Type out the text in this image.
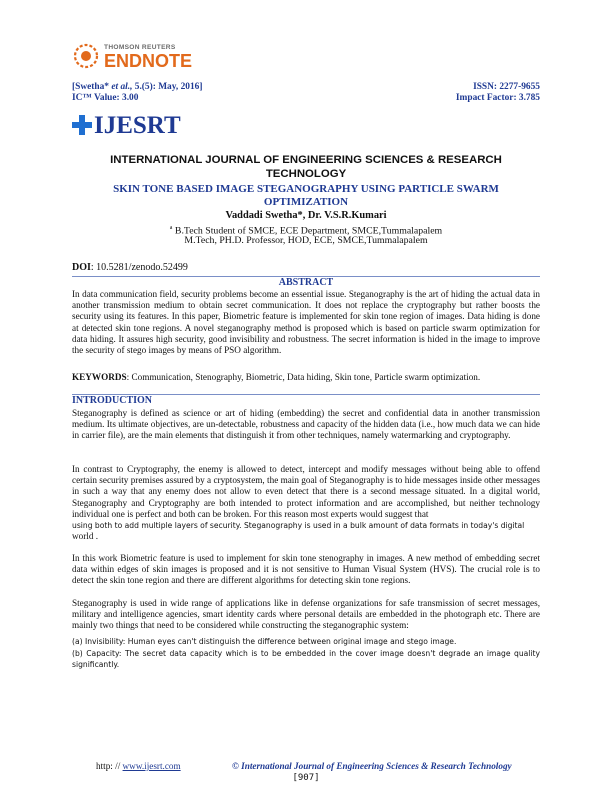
THOMSON REUTERS
ENDNOTE
[Swetha* et al., 5.(5): May, 2016]
IC™ Value: 3.00
ISSN: 2277-9655
Impact Factor: 3.785
IJESRT
INTERNATIONAL JOURNAL OF ENGINEERING SCIENCES & RESEARCH
TECHNOLOGY
SKIN TONE BASED IMAGE STEGANOGRAPHY USING PARTICLE SWARM
OPTIMIZATION
Vaddadi Swetha*, Dr. V.S.R.Kumari
$^a$ B.Tech Student of SMCE, ECE Department, SMCE,Tummalapalem
M.Tech, PH.D. Professor, HOD, ECE, SMCE,Tummalapalem
DOI: 10.5281/zenodo.52499
ABSTRACT
In data communication field, security problems become an essential issue. Steganography is the art of hiding the actual data in another transmission medium to obtain secret communication. It does not replace the cryptography but rather boosts the security using its features. In this paper, Biometric feature is implemented for skin tone region of images. Data hiding is done at detected skin tone regions. A novel steganography method is proposed which is based on particle swarm optimization for data hiding. It assures high security, good invisibility and robustness. The secret information is hided in the image to improve the security of stego images by means of PSO algorithm.
KEYWORDS: Communication, Stenography, Biometric, Data hiding, Skin tone, Particle swarm optimization.
INTRODUCTION
Steganography is defined as science or art of hiding (embedding) the secret and confidential data in another transmission medium. Its ultimate objectives, are un-detectable, robustness and capacity of the hidden data (i.e., how much data we can hide in carrier file), are the main elements that distinguish it from other techniques, namely watermarking and cryptography.
In contrast to Cryptography, the enemy is allowed to detect, intercept and modify messages without being able to offend certain security premises assured by a cryptosystem, the main goal of Steganography is to hide messages inside other messages in such a way that any enemy does not allow to even detect that there is a second message situated. In a digital world, Steganography and Cryptography are both intended to protect information and are accomplished, but neither technology individual one is perfect and both can be broken. For this reason most experts would suggest that
using both to add multiple layers of security. Steganography is used in a bulk amount of data formats in today's digital
world .
In this work Biometric feature is used to implement for skin tone stenography in images. A new method of embedding secret data within edges of skin images is proposed and it is not sensitive to Human Visual System (HVS). The crucial role is to detect the skin tone region and there are different algorithms for detecting skin tone regions.
Steganography is used in wide range of applications like in defense organizations for safe transmission of secret messages, military and intelligence agencies, smart identity cards where personal details are embedded in the photograph etc. There are mainly two things that need to be considered while constructing the steganographic system:
(a) Invisibility: Human eyes can't distinguish the difference between original image and stego image.
(b) Capacity: The secret data capacity which is to be embedded in the cover image doesn't degrade an image quality significantly.
http: // www.ijesrt.com	© International Journal of Engineering Sciences & Research Technology
[907]
